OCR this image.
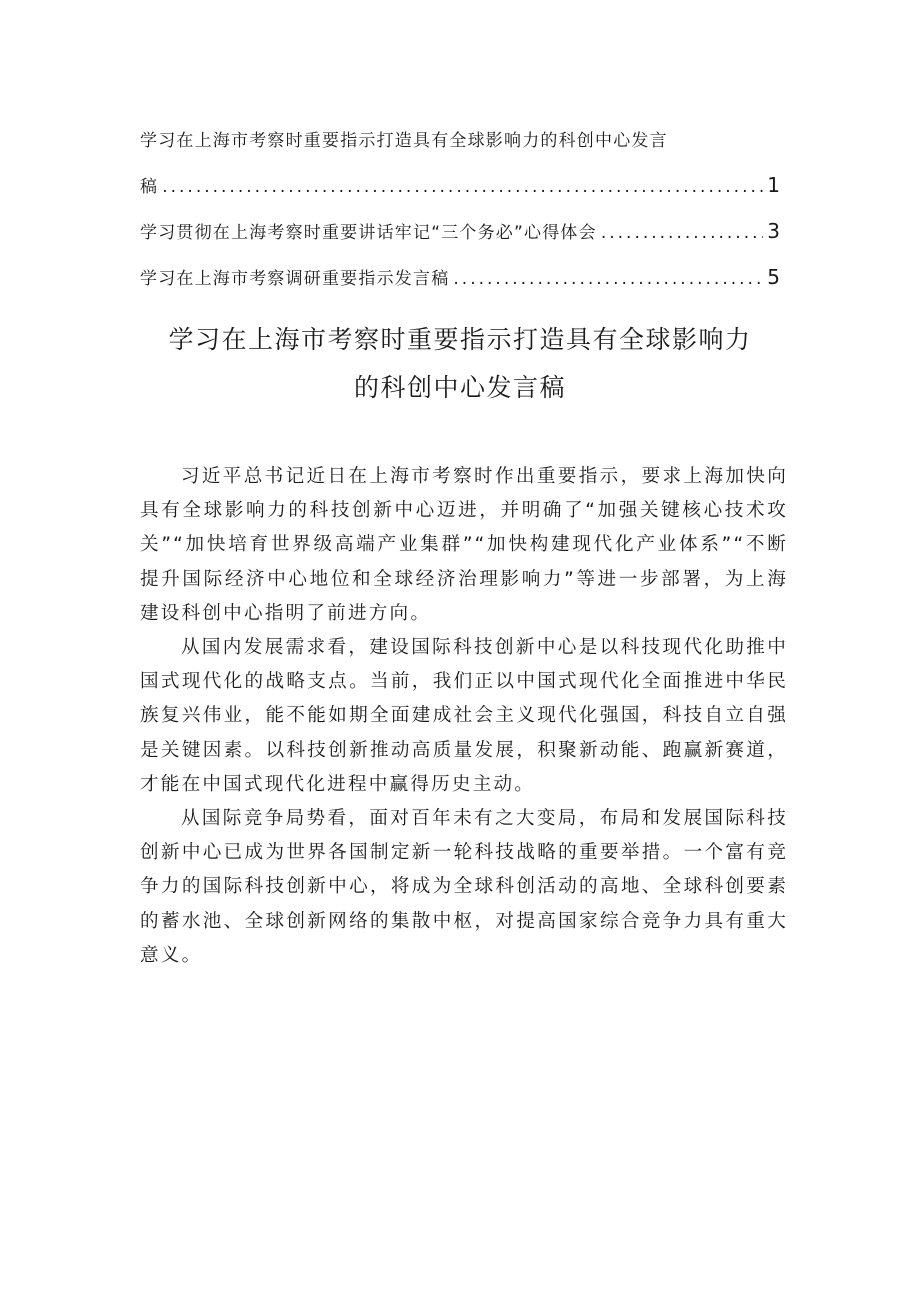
学习在上海市考察时重要指示打造具有全球影响力的科创中心发言
稿 .....	1
学习贯彻在上海考察时重要讲话牢记“三个务必”心得体会 .....	3
学习在上海市考察调研重要指示发言稿 .....	5
学习在上海市考察时重要指示打造具有全球影响力
的科创中心发言稿

习近平总书记近日在上海市考察时作出重要指示，要求上海加快向具有全球影响力的科技创新中心迈进，并明确了“加强关键核心技术攻关”“加快培育世界级高端产业集群”“加快构建现代化产业体系”“不断提升国际经济中心地位和全球经济治理影响力”等进一步部署，为上海建设科创中心指明了前进方向。

从国内发展需求看，建设国际科技创新中心是以科技现代化助推中国式现代化的战略支点。当前，我们正以中国式现代化全面推进中华民族复兴伟业，能不能如期全面建成社会主义现代化强国，科技自立自强是关键因素。以科技创新推动高质量发展，积聚新动能、跑赢新赛道，才能在中国式现代化进程中赢得历史主动。

从国际竞争局势看，面对百年未有之大变局，布局和发展国际科技创新中心已成为世界各国制定新一轮科技战略的重要举措。一个富有竞争力的国际科技创新中心，将成为全球科创活动的高地、全球科创要素的蓄水池、全球创新网络的集散中枢，对提高国家综合竞争力具有重大意义。
